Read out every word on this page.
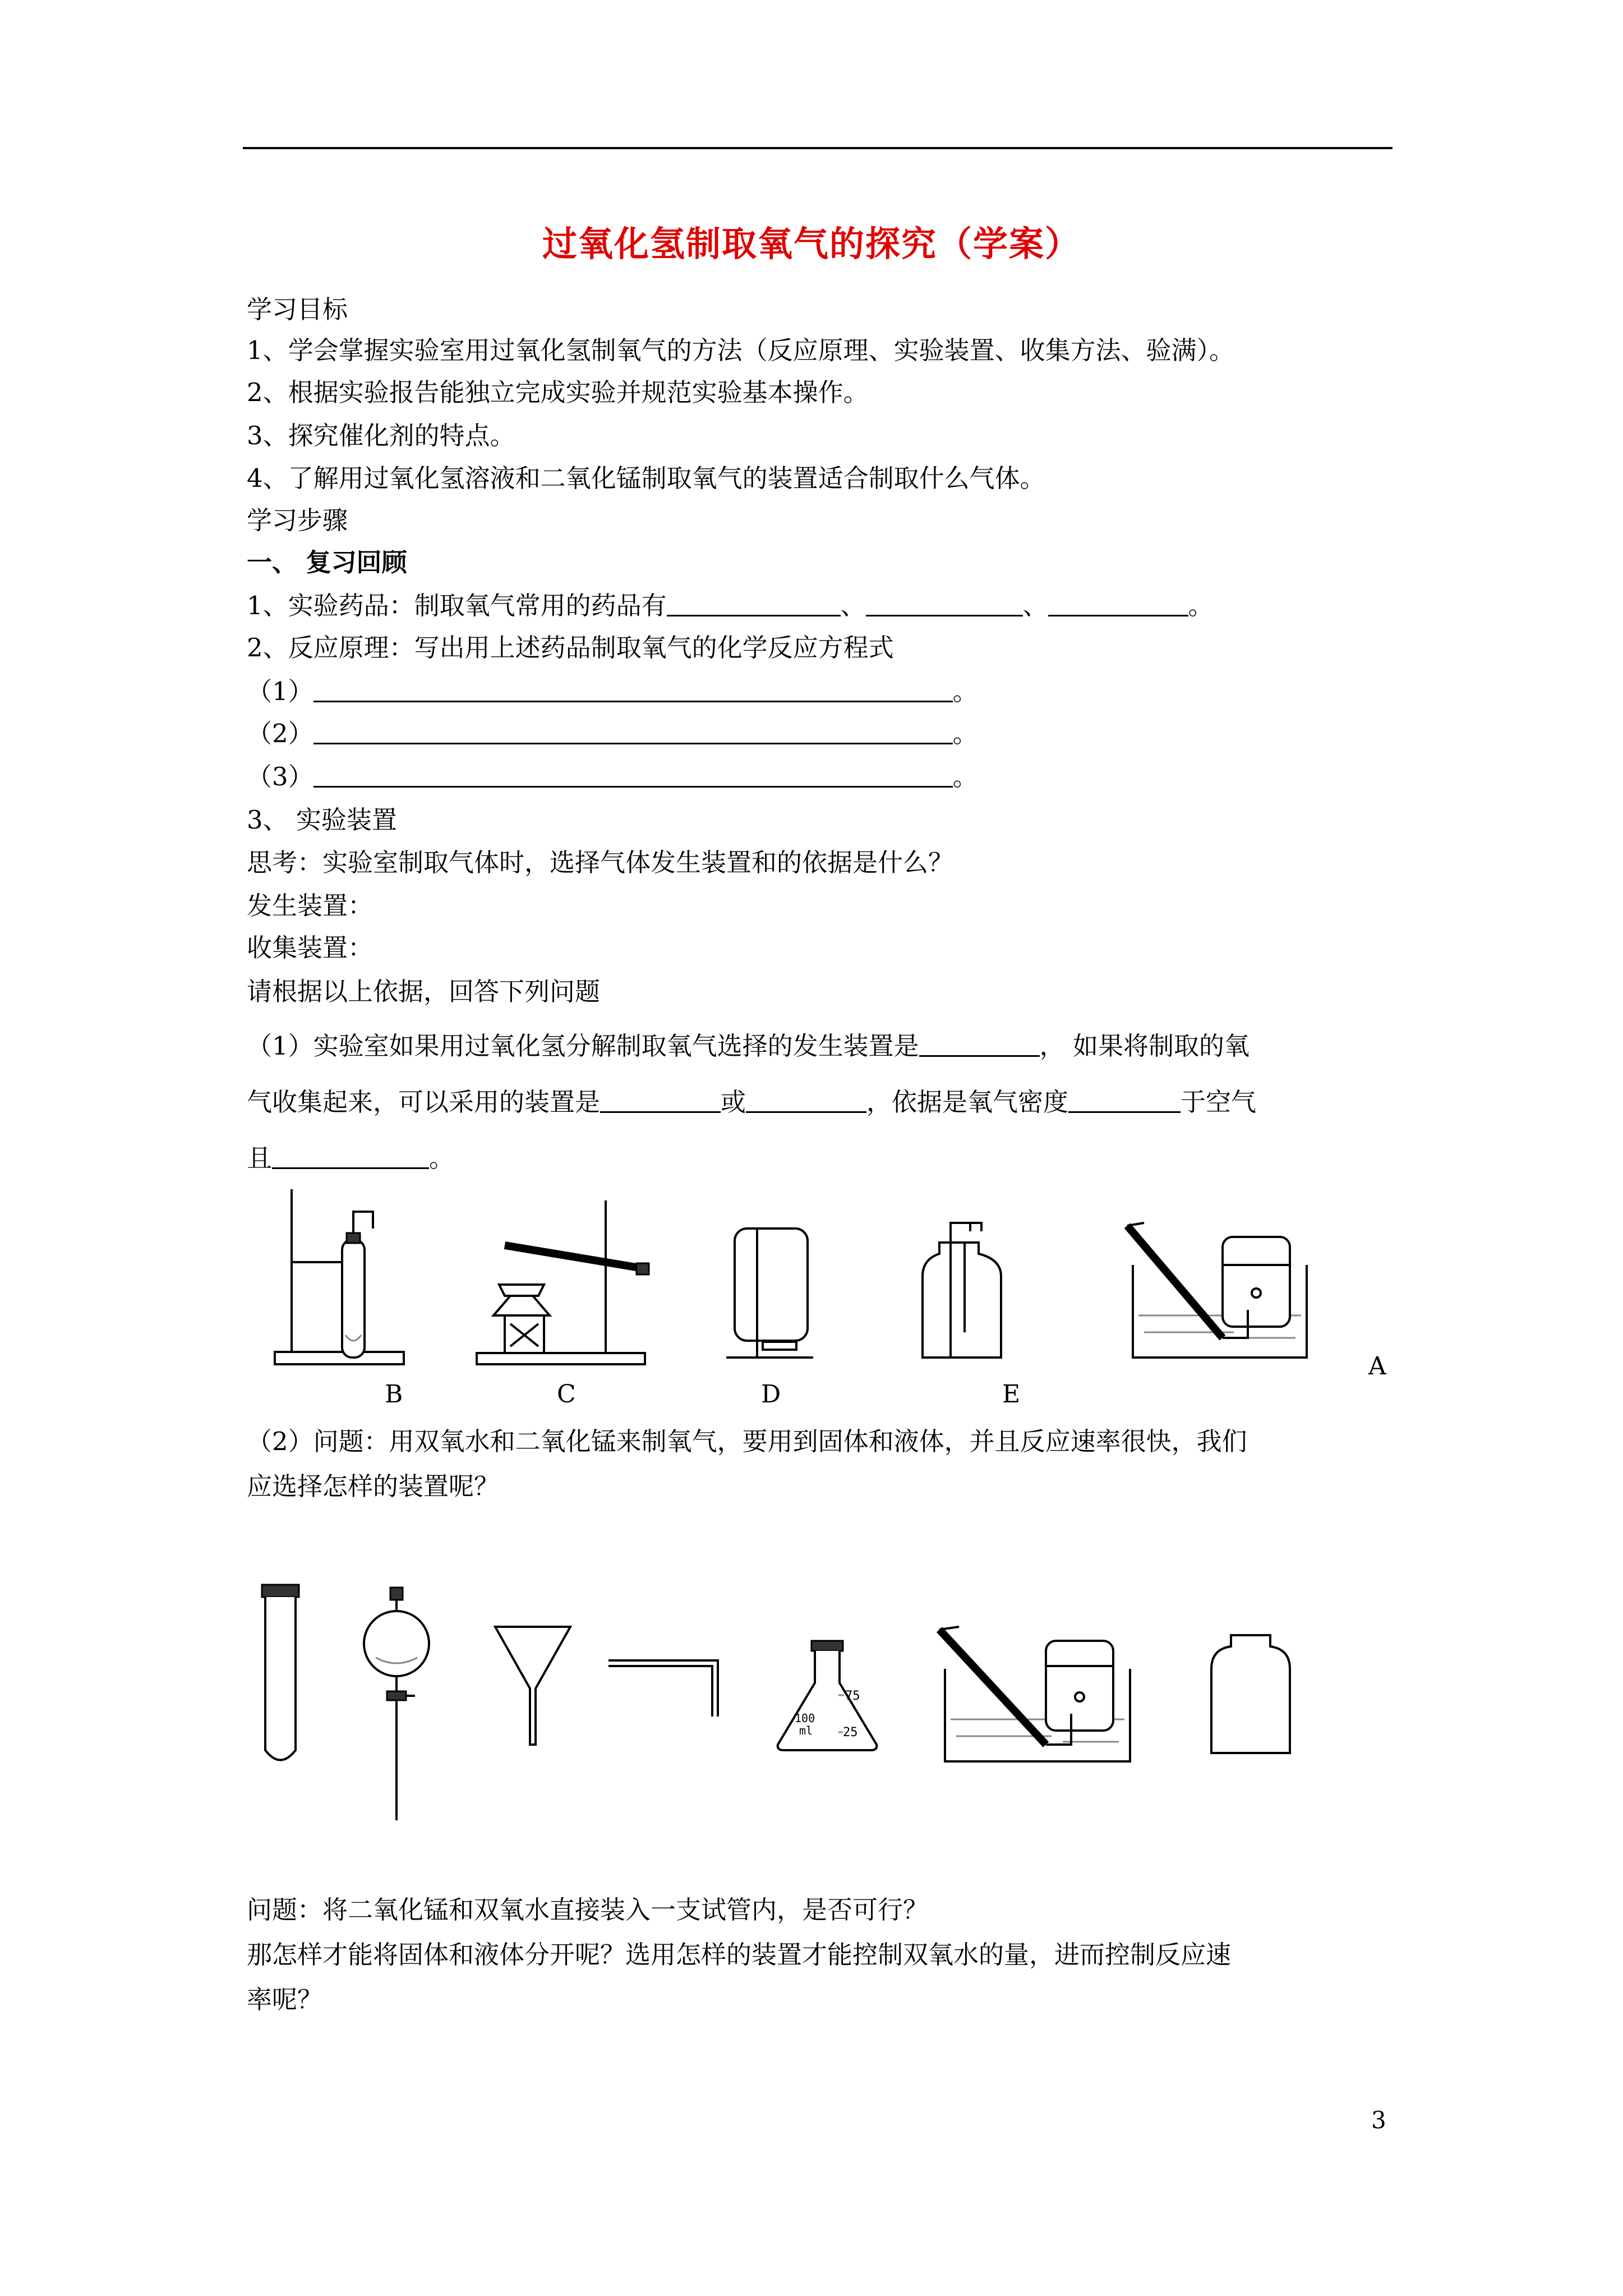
过氧化氢制取氧气的探究（学案）
学习目标
1、学会掌握实验室用过氧化氢制氧气的方法（反应原理、实验装置、收集方法、验满）。
2、根据实验报告能独立完成实验并规范实验基本操作。
3、探究催化剂的特点。
4、了解用过氧化氢溶液和二氧化锰制取氧气的装置适合制取什么气体。
学习步骤
一、 复习回顾
1、实验药品：制取氧气常用的药品有	、	、	。
2、反应原理：写出用上述药品制取氧气的化学反应方程式
（1）	。
（2）	。
（3）	。
3、 实验装置
思考：实验室制取气体时，选择气体发生装置和的依据是什么？
发生装置：
收集装置：
请根据以上依据，回答下列问题
（1）实验室如果用过氧化氢分解制取氧气选择的发生装置是	， 如果将制取的氧
气收集起来，可以采用的装置是	或	，依据是氧气密度	于空气
且	。
B	C	D	E
A
（2）问题：用双氧水和二氧化锰来制氧气，要用到固体和液体，并且反应速率很快，我们
应选择怎样的装置呢？
75
100
ml 25
问题：将二氧化锰和双氧水直接装入一支试管内，是否可行？
那怎样才能将固体和液体分开呢？选用怎样的装置才能控制双氧水的量，进而控制反应速
率呢？
3
